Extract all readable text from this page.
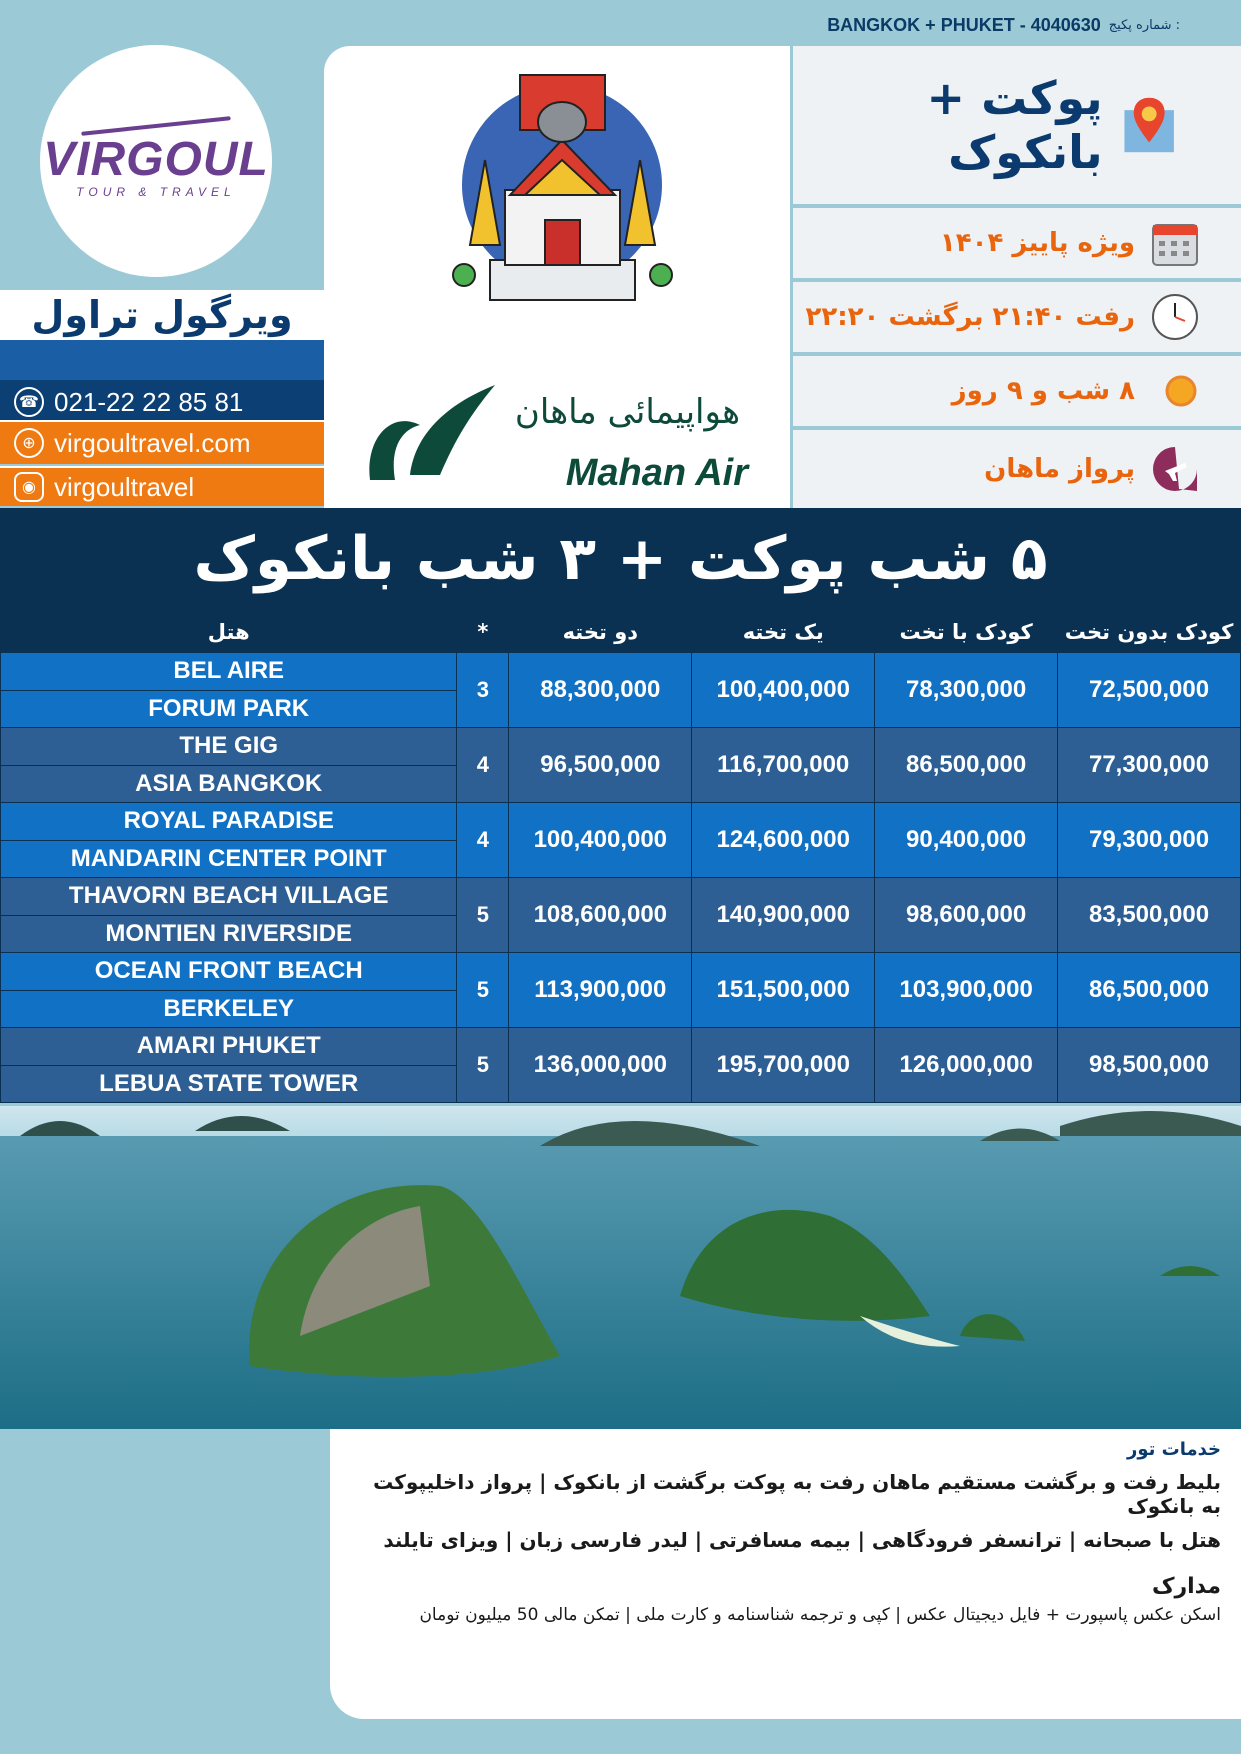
BANGKOK + PHUKET - 4040630 شماره پکیج :
VIRGOUL
TOUR & TRAVEL
ویرگول تراول
☎ 021-22 22 85 81
⊕ virgoultravel.com
◉ virgoultravel
هواپیمائی ماهان
Mahan Air
پوکت + بانکوک
ویژه پاییز ۱۴۰۴
رفت ۲۱:۴۰ برگشت ۲۲:۲۰
۸ شب و ۹ روز
پرواز ماهان
۵ شب پوکت + ۳ شب بانکوک
هتل	*	دو تخته	یک تخته	کودک با تخت	کودک بدون تخت
BEL AIRE	3	88,300,000	100,400,000	78,300,000	72,500,000
FORUM PARK					
THE GIG	4	96,500,000	116,700,000	86,500,000	77,300,000
ASIA BANGKOK					
ROYAL PARADISE	4	100,400,000	124,600,000	90,400,000	79,300,000
MANDARIN CENTER POINT					
THAVORN BEACH VILLAGE	5	108,600,000	140,900,000	98,600,000	83,500,000
MONTIEN RIVERSIDE					
OCEAN FRONT BEACH	5	113,900,000	151,500,000	103,900,000	86,500,000
BERKELEY					
AMARI PHUKET	5	136,000,000	195,700,000	126,000,000	98,500,000
LEBUA STATE TOWER					
خدمات تور
بلیط رفت و برگشت مستقیم ماهان رفت به پوکت برگشت از بانکوک | پرواز داخلیپوکت به بانکوک
هتل با صبحانه | ترانسفر فرودگاهی | بیمه مسافرتی | لیدر فارسی زبان | ویزای تایلند
مدارک
اسکن عکس پاسپورت + فایل دیجیتال عکس | کپی و ترجمه شناسنامه و کارت ملی | تمکن مالی 50 میلیون تومان
